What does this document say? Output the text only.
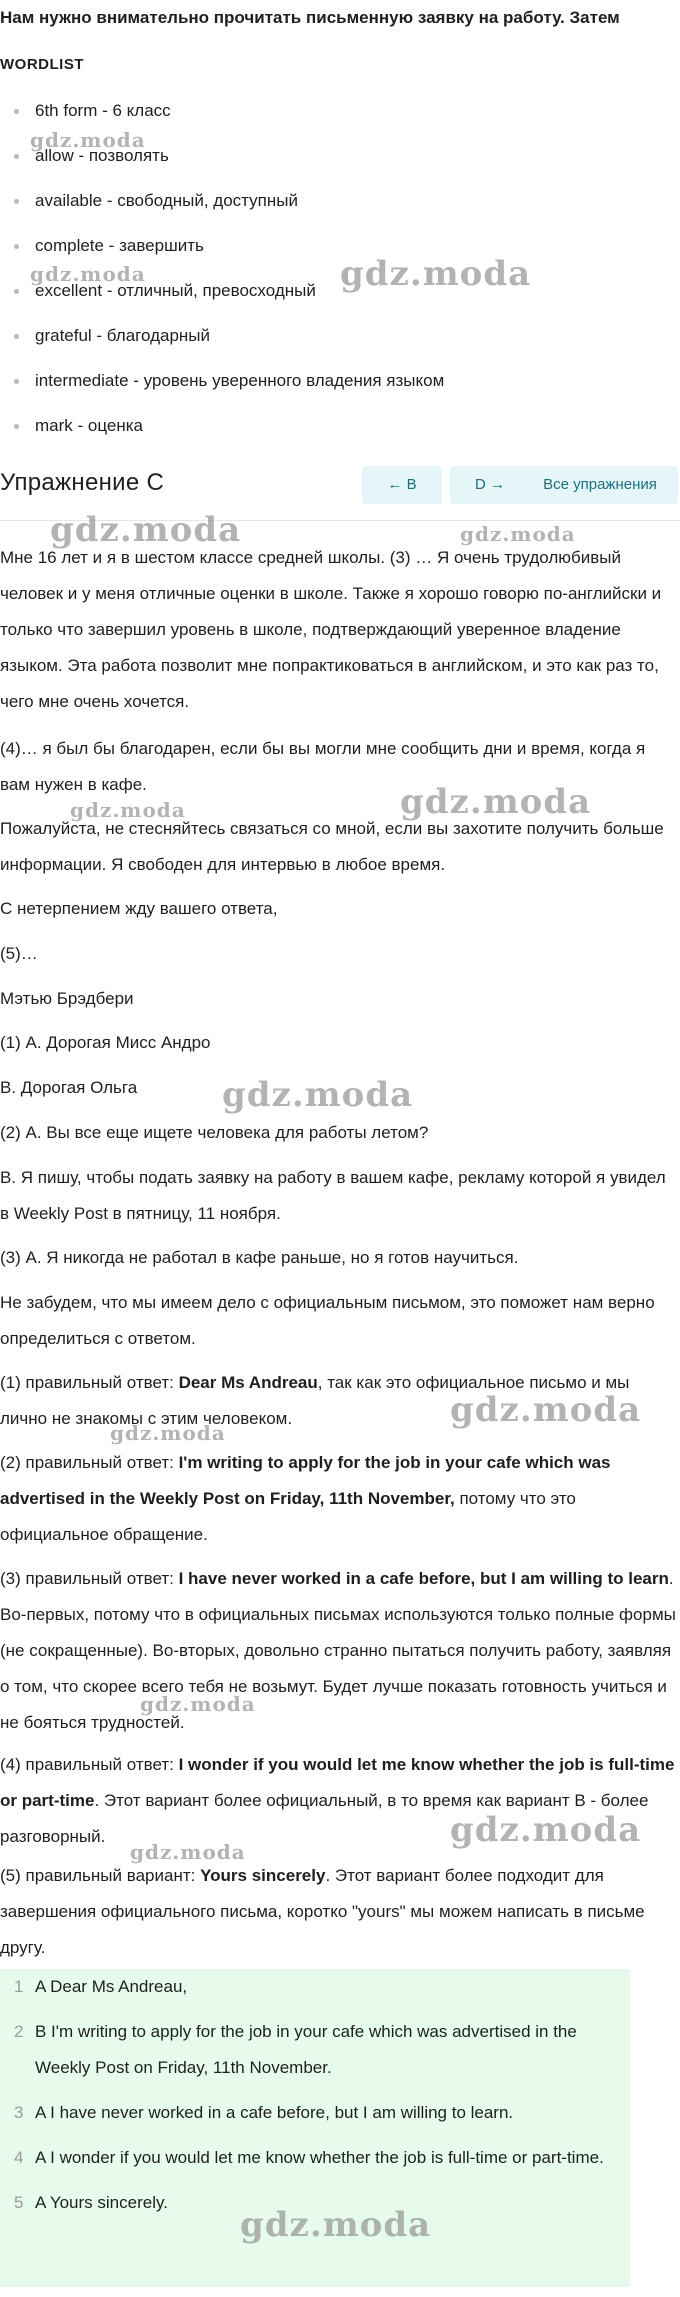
Нам нужно внимательно прочитать письменную заявку на работу. Затем
WORDLIST
6th form - 6 класс
allow - позволять
available - свободный, доступный
complete - завершить
excellent - отличный, превосходный
grateful - благодарный
intermediate - уровень уверенного владения языком
mark - оценка
Упражнение C	← B	D →	Все упражнения

Мне 16 лет и я в шестом классе средней школы. (3) … Я очень трудолюбивый человек и у меня отличные оценки в школе. Также я хорошо говорю по-английски и только что завершил уровень в школе, подтверждающий уверенное владение языком. Эта работа позволит мне попрактиковаться в английском, и это как раз то, чего мне очень хочется.

(4)… я был бы благодарен, если бы вы могли мне сообщить дни и время, когда я вам нужен в кафе.

Пожалуйста, не стесняйтесь связаться со мной, если вы захотите получить больше информации. Я свободен для интервью в любое время.

С нетерпением жду вашего ответа,

(5)…

Мэтью Брэдбери

(1) А. Дорогая Мисс Андро

B. Дорогая Ольга

(2) А. Вы все еще ищете человека для работы летом?

B. Я пишу, чтобы подать заявку на работу в вашем кафе, рекламу которой я увидел в Weekly Post в пятницу, 11 ноября.

(3) А. Я никогда не работал в кафе раньше, но я готов научиться.

Не забудем, что мы имеем дело с официальным письмом, это поможет нам верно определиться с ответом.

(1) правильный ответ: Dear Ms Andreau, так как это официальное письмо и мы лично не знакомы с этим человеком.

(2) правильный ответ: I'm writing to apply for the job in your cafe which was advertised in the Weekly Post on Friday, 11th November, потому что это официальное обращение.

(3) правильный ответ: I have never worked in a cafe before, but I am willing to learn. Во-первых, потому что в официальных письмах используются только полные формы (не сокращенные). Во-вторых, довольно странно пытаться получить работу, заявляя о том, что скорее всего тебя не возьмут. Будет лучше показать готовность учиться и не бояться трудностей.

(4) правильный ответ: I wonder if you would let me know whether the job is full-time or part-time. Этот вариант более официальный, в то время как вариант B - более разговорный.

(5) правильный вариант: Yours sincerely. Этот вариант более подходит для завершения официального письма, коротко "yours" мы можем написать в письме другу.

1 A Dear Ms Andreau,
2 B I'm writing to apply for the job in your cafe which was advertised in the Weekly Post on Friday, 11th November.
3 A I have never worked in a cafe before, but I am willing to learn.
4 A I wonder if you would let me know whether the job is full-time or part-time.
5 A Yours sincerely.
gdz.moda
gdz.moda	gdz.moda
gdz.moda	gdz.moda
gdz.moda	gdz.moda
gdz.moda
gdz.moda
gdz.moda
gdz.moda
gdz.moda
gdz.moda
gdz.moda
